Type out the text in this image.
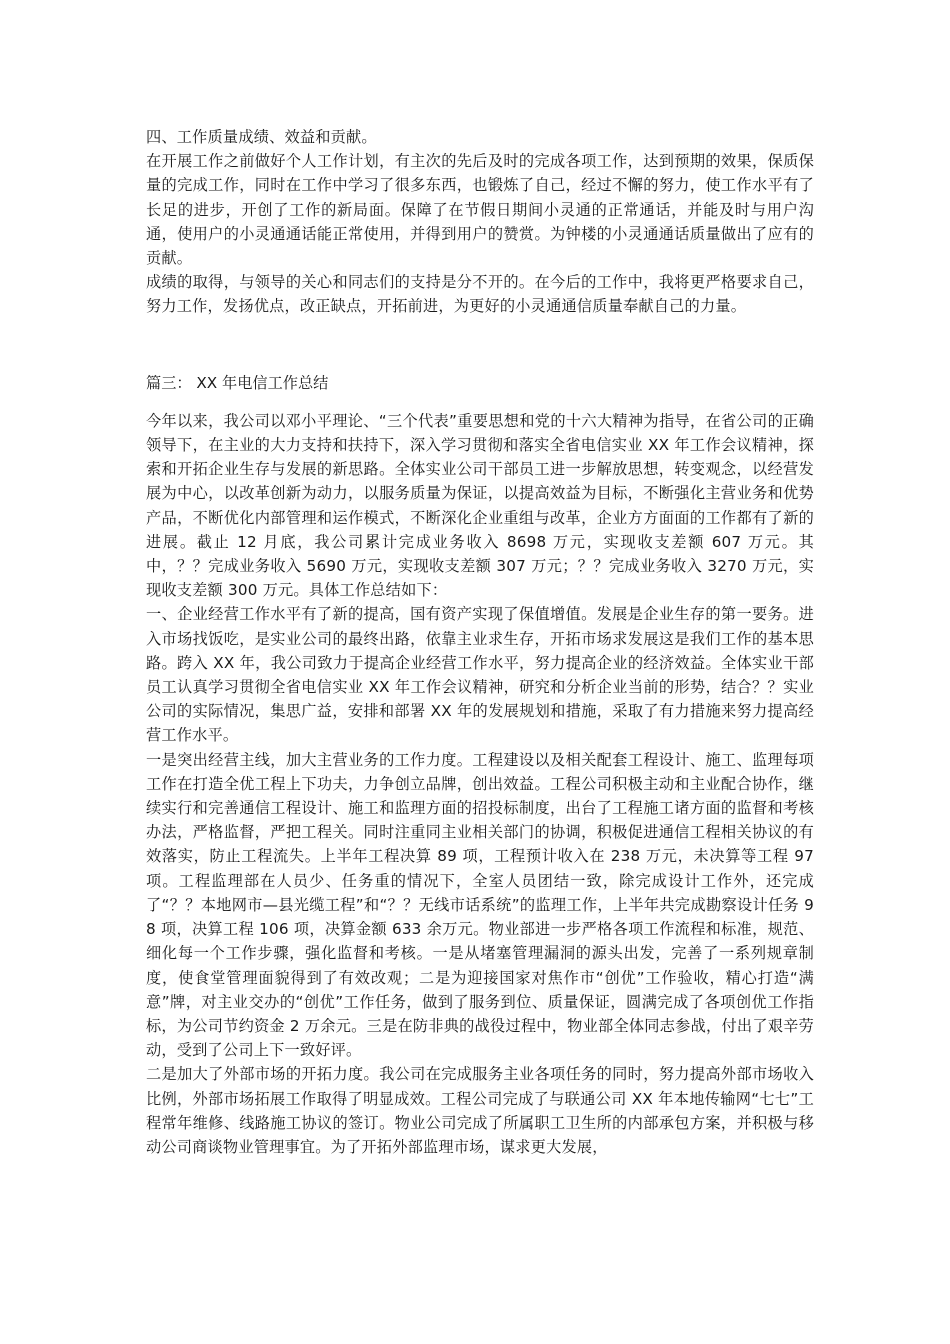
四、工作质量成绩、效益和贡献。

在开展工作之前做好个人工作计划，有主次的先后及时的完成各项工作，达到预期的效果，保质保量的完成工作，同时在工作中学习了很多东西，也锻炼了自己，经过不懈的努力，使工作水平有了长足的进步，开创了工作的新局面。保障了在节假日期间小灵通的正常通话，并能及时与用户沟通，使用户的小灵通通话能正常使用，并得到用户的赞赏。为钟楼的小灵通通话质量做出了应有的贡献。

成绩的取得，与领导的关心和同志们的支持是分不开的。在今后的工作中，我将更严格要求自己，努力工作，发扬优点，改正缺点，开拓前进，为更好的小灵通通信质量奉献自己的力量。

篇三： XX 年电信工作总结

今年以来，我公司以邓小平理论、“三个代表”重要思想和党的十六大精神为指导，在省公司的正确领导下，在主业的大力支持和扶持下，深入学习贯彻和落实全省电信实业 XX 年工作会议精神，探索和开拓企业生存与发展的新思路。全体实业公司干部员工进一步解放思想，转变观念，以经营发展为中心，以改革创新为动力，以服务质量为保证，以提高效益为目标，不断强化主营业务和优势产品，不断优化内部管理和运作模式，不断深化企业重组与改革，企业方方面面的工作都有了新的进展。截止 12 月底，我公司累计完成业务收入 8698 万元，实现收支差额 607 万元。其中，？？完成业务收入 5690 万元，实现收支差额 307 万元；？？完成业务收入 3270 万元，实现收支差额 300 万元。具体工作总结如下：

一、企业经营工作水平有了新的提高，国有资产实现了保值增值。发展是企业生存的第一要务。进入市场找饭吃，是实业公司的最终出路，依靠主业求生存，开拓市场求发展这是我们工作的基本思路。跨入 XX 年，我公司致力于提高企业经营工作水平，努力提高企业的经济效益。全体实业干部员工认真学习贯彻全省电信实业 XX 年工作会议精神，研究和分析企业当前的形势，结合？？实业公司的实际情况，集思广益，安排和部署 XX 年的发展规划和措施，采取了有力措施来努力提高经营工作水平。

一是突出经营主线，加大主营业务的工作力度。工程建设以及相关配套工程设计、施工、监理每项工作在打造全优工程上下功夫，力争创立品牌，创出效益。工程公司积极主动和主业配合协作，继续实行和完善通信工程设计、施工和监理方面的招投标制度，出台了工程施工诸方面的监督和考核办法，严格监督，严把工程关。同时注重同主业相关部门的协调，积极促进通信工程相关协议的有效落实，防止工程流失。上半年工程决算 89 项，工程预计收入在 238 万元，未决算等工程 97 项。工程监理部在人员少、任务重的情况下，全室人员团结一致，除完成设计工作外，还完成了“？？本地网市—县光缆工程”和“？？无线市话系统”的监理工作，上半年共完成勘察设计任务 98 项，决算工程 106 项，决算金额 633 余万元。物业部进一步严格各项工作流程和标准，规范、细化每一个工作步骤，强化监督和考核。一是从堵塞管理漏洞的源头出发，完善了一系列规章制度，使食堂管理面貌得到了有效改观；二是为迎接国家对焦作市“创优”工作验收，精心打造“满意”牌，对主业交办的“创优”工作任务，做到了服务到位、质量保证，圆满完成了各项创优工作指标，为公司节约资金 2 万余元。三是在防非典的战役过程中，物业部全体同志参战，付出了艰辛劳动，受到了公司上下一致好评。

二是加大了外部市场的开拓力度。我公司在完成服务主业各项任务的同时，努力提高外部市场收入比例，外部市场拓展工作取得了明显成效。工程公司完成了与联通公司 XX 年本地传输网“七七”工程常年维修、线路施工协议的签订。物业公司完成了所属职工卫生所的内部承包方案，并积极与移动公司商谈物业管理事宜。为了开拓外部监理市场，谋求更大发展，
